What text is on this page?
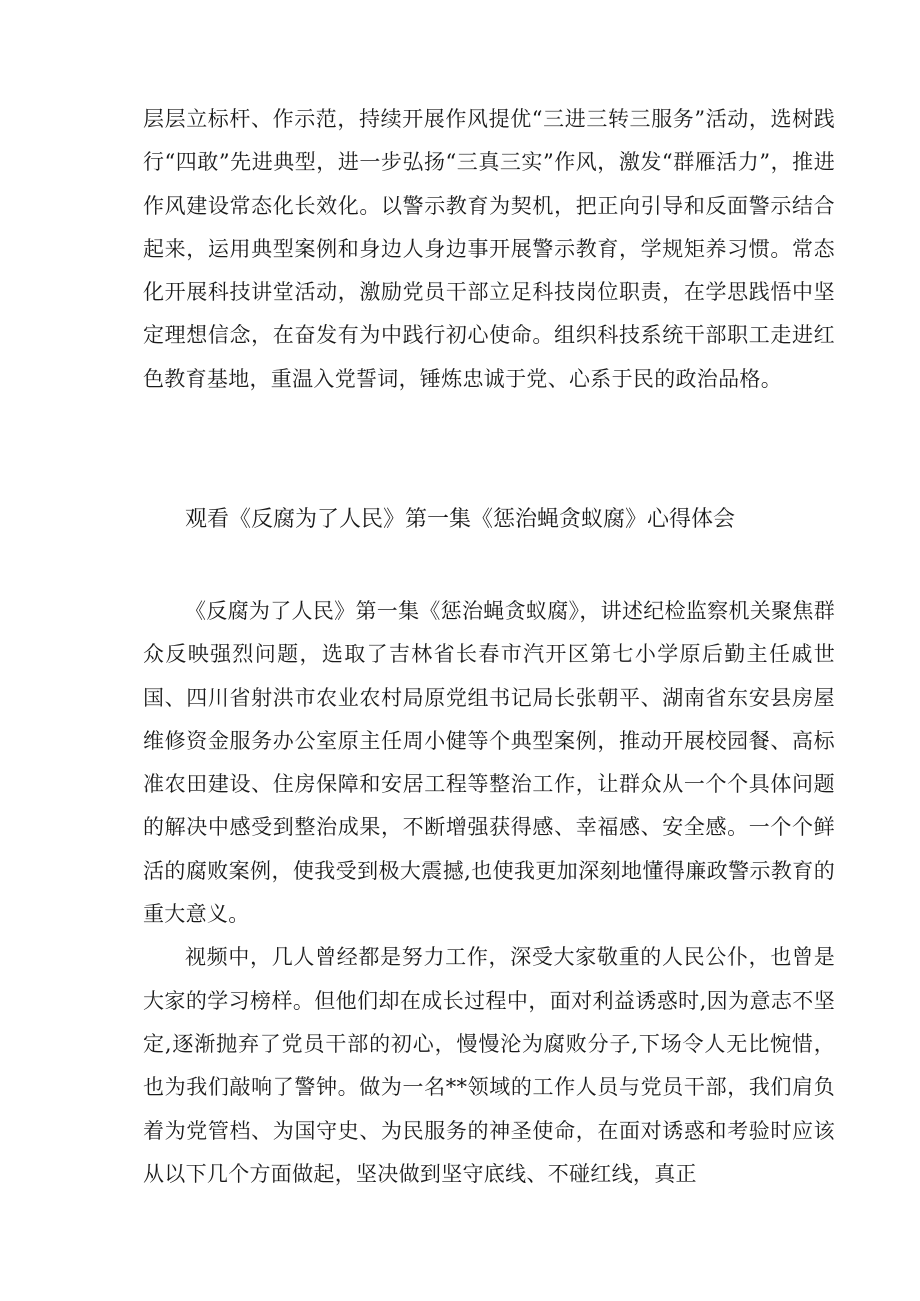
层层立标杆、作示范，持续开展作风提优“三进三转三服务”活动，选树践行“四敢”先进典型，进一步弘扬“三真三实”作风，激发“群雁活力”，推进作风建设常态化长效化。以警示教育为契机，把正向引导和反面警示结合起来，运用典型案例和身边人身边事开展警示教育，学规矩养习惯。常态化开展科技讲堂活动，激励党员干部立足科技岗位职责，在学思践悟中坚定理想信念，在奋发有为中践行初心使命。组织科技系统干部职工走进红色教育基地，重温入党誓词，锤炼忠诚于党、心系于民的政治品格。

观看《反腐为了人民》第一集《惩治蝇贪蚁腐》心得体会

《反腐为了人民》第一集《惩治蝇贪蚁腐》，讲述纪检监察机关聚焦群众反映强烈问题，选取了吉林省长春市汽开区第七小学原后勤主任戚世国、四川省射洪市农业农村局原党组书记局长张朝平、湖南省东安县房屋维修资金服务办公室原主任周小健等个典型案例，推动开展校园餐、高标准农田建设、住房保障和安居工程等整治工作，让群众从一个个具体问题的解决中感受到整治成果，不断增强获得感、幸福感、安全感。一个个鲜活的腐败案例，使我受到极大震撼,也使我更加深刻地懂得廉政警示教育的重大意义。

视频中，几人曾经都是努力工作，深受大家敬重的人民公仆，也曾是大家的学习榜样。但他们却在成长过程中，面对利益诱惑时,因为意志不坚定,逐渐抛弃了党员干部的初心，慢慢沦为腐败分子,下场令人无比惋惜，也为我们敲响了警钟。做为一名**领域的工作人员与党员干部，我们肩负着为党管档、为国守史、为民服务的神圣使命，在面对诱惑和考验时应该从以下几个方面做起，坚决做到坚守底线、不碰红线，真正
